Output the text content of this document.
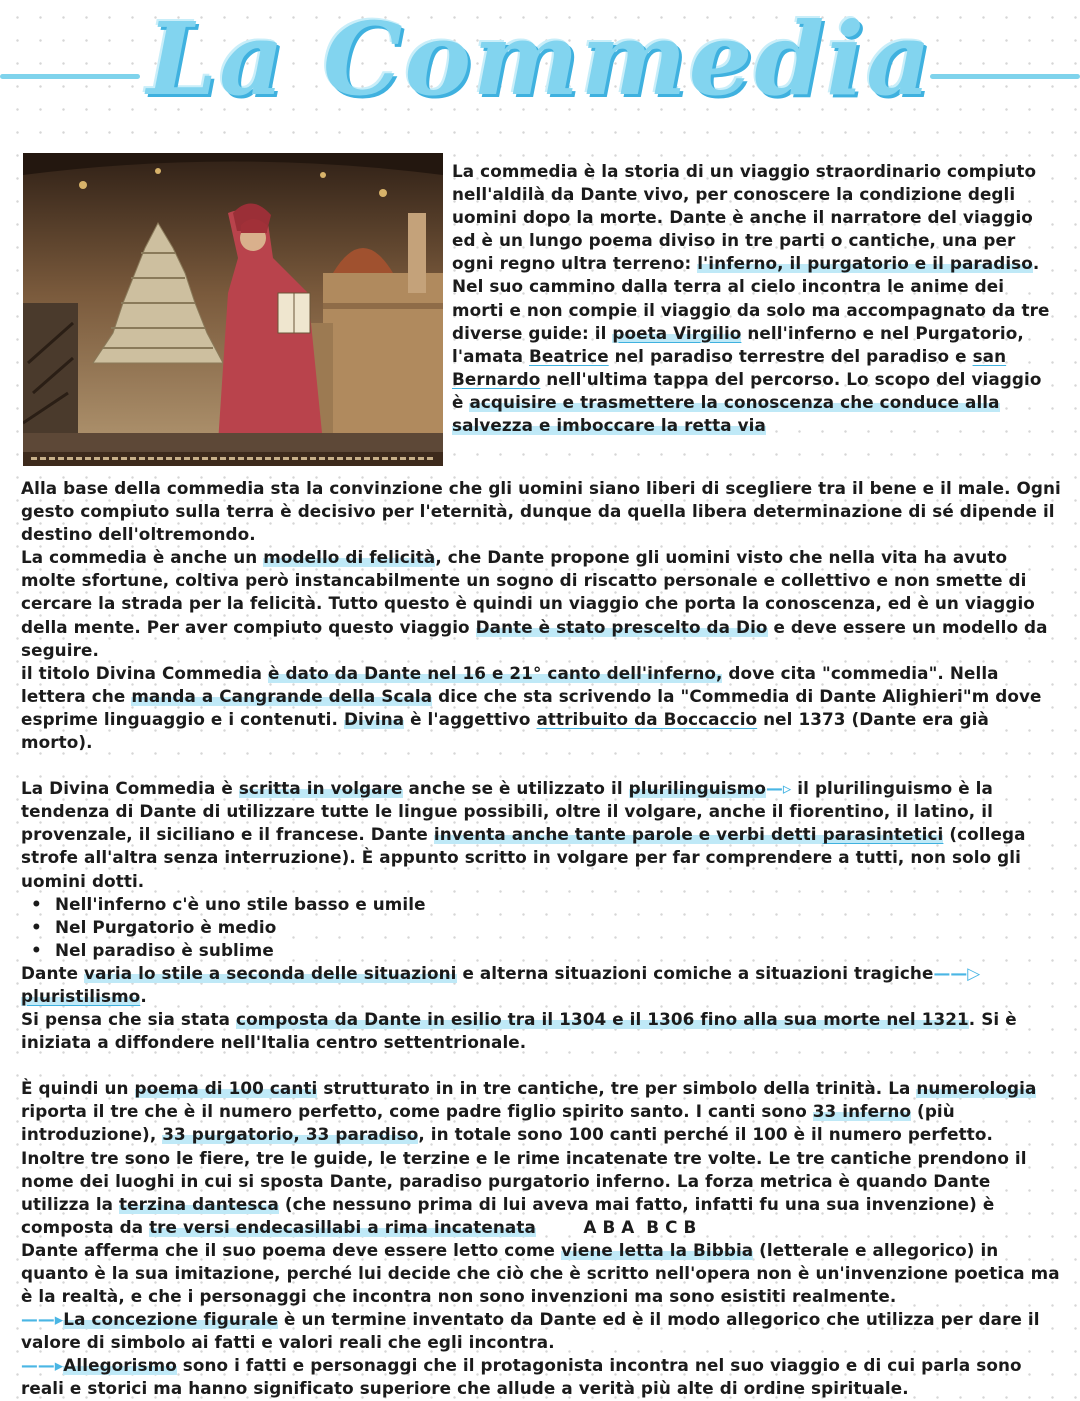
La Commedia

La commedia è la storia di un viaggio straordinario compiuto nell'aldilà da Dante vivo, per conoscere la condizione degli uomini dopo la morte. Dante è anche il narratore del viaggio ed è un lungo poema diviso in tre parti o cantiche, una per ogni regno ultra terreno: l'inferno, il purgatorio e il paradiso. Nel suo cammino dalla terra al cielo incontra le anime dei morti e non compie il viaggio da solo ma accompagnato da tre diverse guide: il poeta Virgilio nell'inferno e nel Purgatorio, l'amata Beatrice nel paradiso terrestre del paradiso e san Bernardo nell'ultima tappa del percorso. Lo scopo del viaggio è acquisire e trasmettere la conoscenza che conduce alla salvezza e imboccare la retta via

Alla base della commedia sta la convinzione che gli uomini siano liberi di scegliere tra il bene e il male. Ogni gesto compiuto sulla terra è decisivo per l'eternità, dunque da quella libera determinazione di sé dipende il destino dell'oltremondo.

La commedia è anche un modello di felicità, che Dante propone gli uomini visto che nella vita ha avuto molte sfortune, coltiva però instancabilmente un sogno di riscatto personale e collettivo e non smette di cercare la strada per la felicità. Tutto questo è quindi un viaggio che porta la conoscenza, ed è un viaggio della mente. Per aver compiuto questo viaggio Dante è stato prescelto da Dio e deve essere un modello da seguire.

il titolo Divina Commedia è dato da Dante nel 16 e 21° canto dell'inferno, dove cita "commedia". Nella lettera che manda a Cangrande della Scala dice che sta scrivendo la "Commedia di Dante Alighieri"m dove esprime linguaggio e i contenuti. Divina è l'aggettivo attribuito da Boccaccio nel 1373 (Dante era già morto).

La Divina Commedia è scritta in volgare anche se è utilizzato il plurilinguismo—▹ il plurilinguismo è la tendenza di Dante di utilizzare tutte le lingue possibili, oltre il volgare, anche il fiorentino, il latino, il provenzale, il siciliano e il francese. Dante inventa anche tante parole e verbi detti parasintetici (collega strofe all'altra senza interruzione). È appunto scritto in volgare per far comprendere a tutti, non solo gli uomini dotti.

• Nell'inferno c'è uno stile basso e umile
• Nel Purgatorio è medio
• Nel paradiso è sublime

Dante varia lo stile a seconda delle situazioni e alterna situazioni comiche a situazioni tragiche——▷
pluristilismo.

Si pensa che sia stata composta da Dante in esilio tra il 1304 e il 1306 fino alla sua morte nel 1321. Si è iniziata a diffondere nell'Italia centro settentrionale.

È quindi un poema di 100 canti strutturato in in tre cantiche, tre per simbolo della trinità. La numerologia riporta il tre che è il numero perfetto, come padre figlio spirito santo. I canti sono 33 inferno (più introduzione), 33 purgatorio, 33 paradiso, in totale sono 100 canti perché il 100 è il numero perfetto. Inoltre tre sono le fiere, tre le guide, le terzine e le rime incatenate tre volte. Le tre cantiche prendono il nome dei luoghi in cui si sposta Dante, paradiso purgatorio inferno. La forza metrica è quando Dante utilizza la terzina dantesca (che nessuno prima di lui aveva mai fatto, infatti fu una sua invenzione) è composta da tre versi endecasillabi a rima incatenata        A B A  B C B

Dante afferma che il suo poema deve essere letto come viene letta la Bibbia (letterale e allegorico) in quanto è la sua imitazione, perché lui decide che ciò che è scritto nell'opera non è un'invenzione poetica ma è la realtà, e che i personaggi che incontra non sono invenzioni ma sono esistiti realmente.

——▸La concezione figurale è un termine inventato da Dante ed è il modo allegorico che utilizza per dare il valore di simbolo ai fatti e valori reali che egli incontra.

——▸Allegorismo sono i fatti e personaggi che il protagonista incontra nel suo viaggio e di cui parla sono reali e storici ma hanno significato superiore che allude a verità più alte di ordine spirituale.
